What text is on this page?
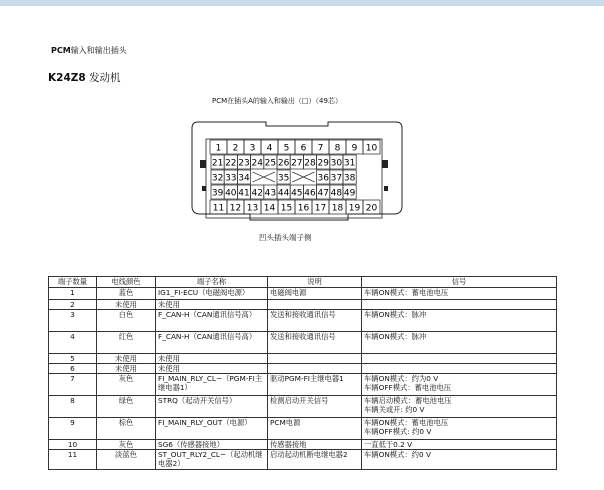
PCM输入和输出插头
K24Z8 发动机
PCM在插头A的输入和输出（□）（49芯）
1 2 3 4 5 6 7 8 9 10
21 22 23 24 25 26 27 28 29 30 31
32 33 34	35	36 37 38
39 40 41 42 43 44 45 46 47 48 49
11 12 13 14 15 16 17 18 19 20
凹头插头端子侧
端子数量	电线颜色	端子名称	说明	信号
1	蓝色	IG1_FI-ECU（电磁阀电源）	电磁阀电源	车辆ON模式：蓄电池电压
2	未使用	未使用		
3	白色	F_CAN-H（CAN通讯信号高）	发送和接收通讯信号	车辆ON模式：脉冲
4	红色	F_CAN-H（CAN通讯信号高）	发送和接收通讯信号	车辆ON模式：脉冲
5	未使用	未使用		
6	未使用	未使用		
7	灰色	FI_MAIN_RLY_CL−（PGM-FI主继电器1）	驱动PGM-FI主继电器1	车辆ON模式：约为0 V
车辆OFF模式：蓄电池电压
8	绿色	STRQ（起动开关信号）	检测启动开关信号	车辆启动模式：蓄电池电压
车辆关或开: 约0 V
9	棕色	FI_MAIN_RLY_OUT（电源）	PCM电源	车辆ON模式：蓄电池电压
车辆OFF模式: 约0 V
10	灰色	SG6（传感器接地）	传感器接地	一直低于0.2 V
11	淡蓝色	ST_OUT_RLY2_CL−（起动机继电器2）	启动起动机断电继电器2	车辆ON模式：约0 V
